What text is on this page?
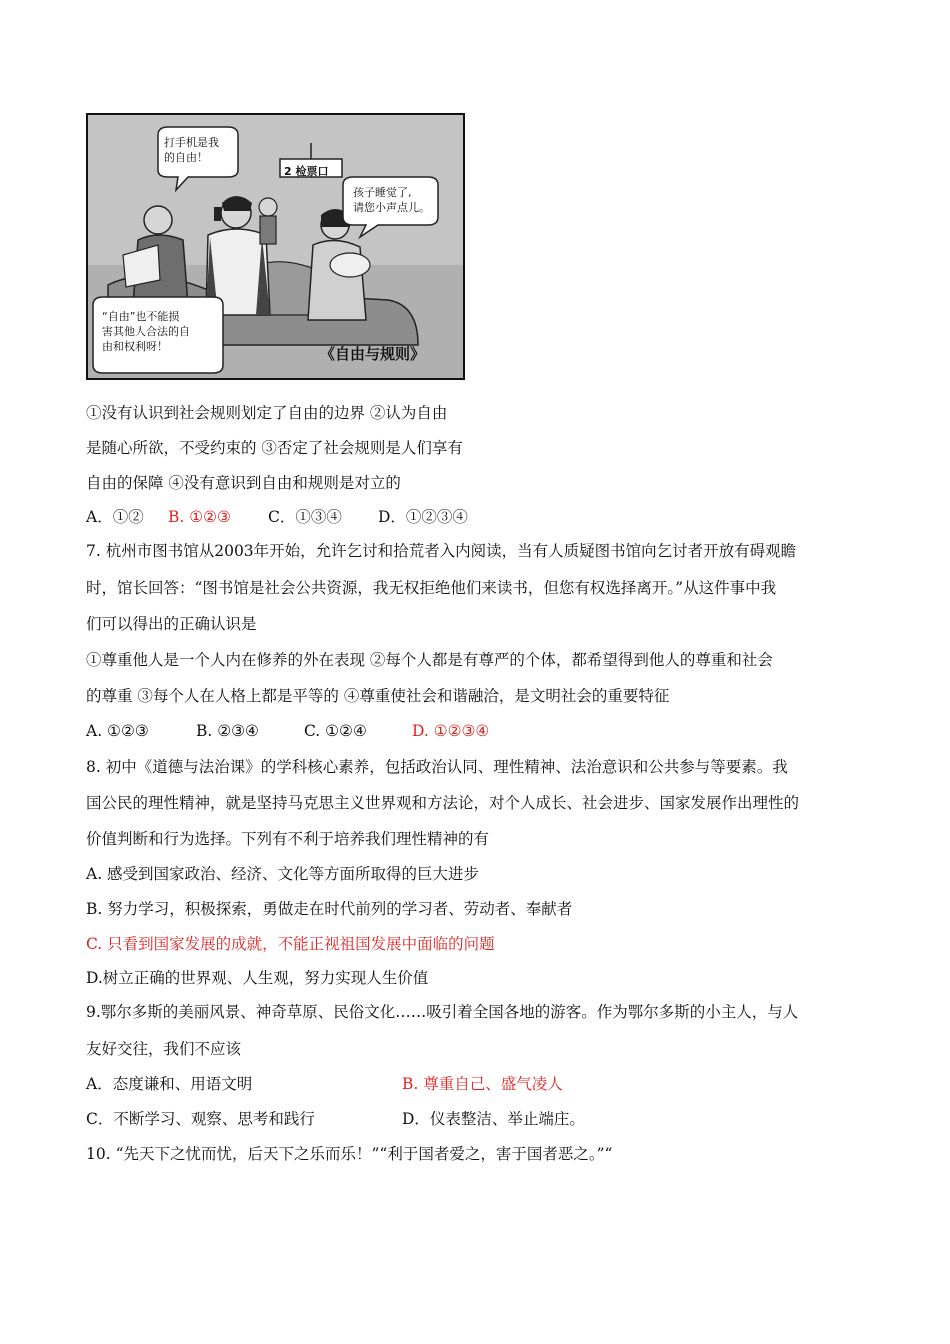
打手机是我
的自由！
2 检票口
孩子睡觉了,
请您小声点儿。
“自由”也不能损
害其他人合法的自
由和权利呀！	《自由与规则》
①没有认识到社会规则划定了自由的边界 ②认为自由
是随心所欲，不受约束的 ③否定了社会规则是人们享有
自由的保障 ④没有意识到自由和规则是对立的
A．①② B. ①②③ C．①③④ D．①②③④
7. 杭州市图书馆从2003年开始，允许乞讨和拾荒者入内阅读，当有人质疑图书馆向乞讨者开放有碍观瞻
时，馆长回答：“图书馆是社会公共资源，我无权拒绝他们来读书，但您有权选择离开。”从这件事中我
们可以得出的正确认识是
①尊重他人是一个人内在修养的外在表现 ②每个人都是有尊严的个体，都希望得到他人的尊重和社会
的尊重 ③每个人在人格上都是平等的 ④尊重使社会和谐融洽，是文明社会的重要特征
A. ①②③	B. ②③④	C. ①②④	D. ①②③④
8. 初中《道德与法治课》的学科核心素养，包括政治认同、理性精神、法治意识和公共参与等要素。我
国公民的理性精神，就是坚持马克思主义世界观和方法论，对个人成长、社会进步、国家发展作出理性的
价值判断和行为选择。下列有不利于培养我们理性精神的有
A. 感受到国家政治、经济、文化等方面所取得的巨大进步
B. 努力学习，积极探索，勇做走在时代前列的学习者、劳动者、奉献者
C. 只看到国家发展的成就，不能正视祖国发展中面临的问题
D.树立正确的世界观、人生观，努力实现人生价值
9.鄂尔多斯的美丽风景、神奇草原、民俗文化……吸引着全国各地的游客。作为鄂尔多斯的小主人，与人
友好交往，我们不应该
A．态度谦和、用语文明	B. 尊重自己、盛气凌人
C．不断学习、观察、思考和践行	D．仪表整洁、举止端庄。
10. “先天下之忧而忧，后天下之乐而乐！”“利于国者爱之，害于国者恶之。”“
